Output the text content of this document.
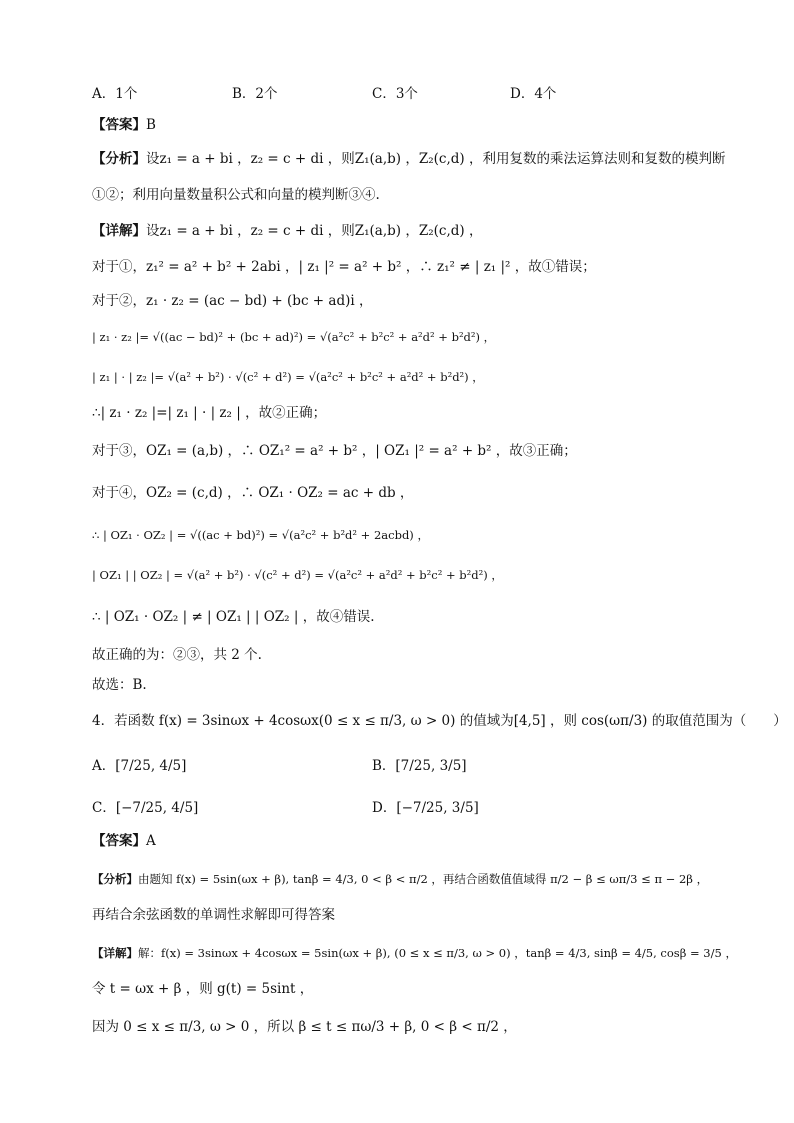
A．1个	B．2个	C．3个	D．4个
【答案】B
【分析】设z₁ = a + bi ，z₂ = c + di ，则Z₁(a,b) ，Z₂(c,d) ，利用复数的乘法运算法则和复数的模判断
①②；利用向量数量积公式和向量的模判断③④.
【详解】设z₁ = a + bi ，z₂ = c + di ，则Z₁(a,b) ，Z₂(c,d) ，
对于①，z₁² = a² + b² + 2abi ，| z₁ |² = a² + b² ，∴ z₁² ≠ | z₁ |² ，故①错误；
对于②，z₁ · z₂ = (ac − bd) + (bc + ad)i ，
| z₁ · z₂ |= √((ac − bd)² + (bc + ad)²) = √(a²c² + b²c² + a²d² + b²d²) ，
| z₁ | · | z₂ |= √(a² + b²) · √(c² + d²) = √(a²c² + b²c² + a²d² + b²d²) ，
∴| z₁ · z₂ |=| z₁ | · | z₂ | ，故②正确；
对于③，OZ₁ = (a,b) ，∴ OZ₁² = a² + b² ，| OZ₁ |² = a² + b² ，故③正确；
对于④，OZ₂ = (c,d) ，∴ OZ₁ · OZ₂ = ac + db ，
∴ | OZ₁ · OZ₂ | = √((ac + bd)²) = √(a²c² + b²d² + 2acbd) ，
| OZ₁ | | OZ₂ | = √(a² + b²) · √(c² + d²) = √(a²c² + a²d² + b²c² + b²d²) ，
∴ | OZ₁ · OZ₂ | ≠ | OZ₁ | | OZ₂ | ，故④错误.
故正确的为：②③，共 2 个.
故选：B.
4．若函数 f(x) = 3sinωx + 4cosωx(0 ≤ x ≤ π/3, ω > 0) 的值域为[4,5] ，则 cos(ωπ/3) 的取值范围为（　　）
A．[7/25, 4/5]	B．[7/25, 3/5]
C．[−7/25, 4/5]	D．[−7/25, 3/5]
【答案】A
【分析】由题知 f(x) = 5sin(ωx + β), tanβ = 4/3, 0 < β < π/2 ，再结合函数值值域得 π/2 − β ≤ ωπ/3 ≤ π − 2β ，
再结合余弦函数的单调性求解即可得答案
【详解】解：f(x) = 3sinωx + 4cosωx = 5sin(ωx + β), (0 ≤ x ≤ π/3, ω > 0) ，tanβ = 4/3, sinβ = 4/5, cosβ = 3/5 ，
令 t = ωx + β ，则 g(t) = 5sint ，
因为 0 ≤ x ≤ π/3, ω > 0 ，所以 β ≤ t ≤ πω/3 + β, 0 < β < π/2 ，
